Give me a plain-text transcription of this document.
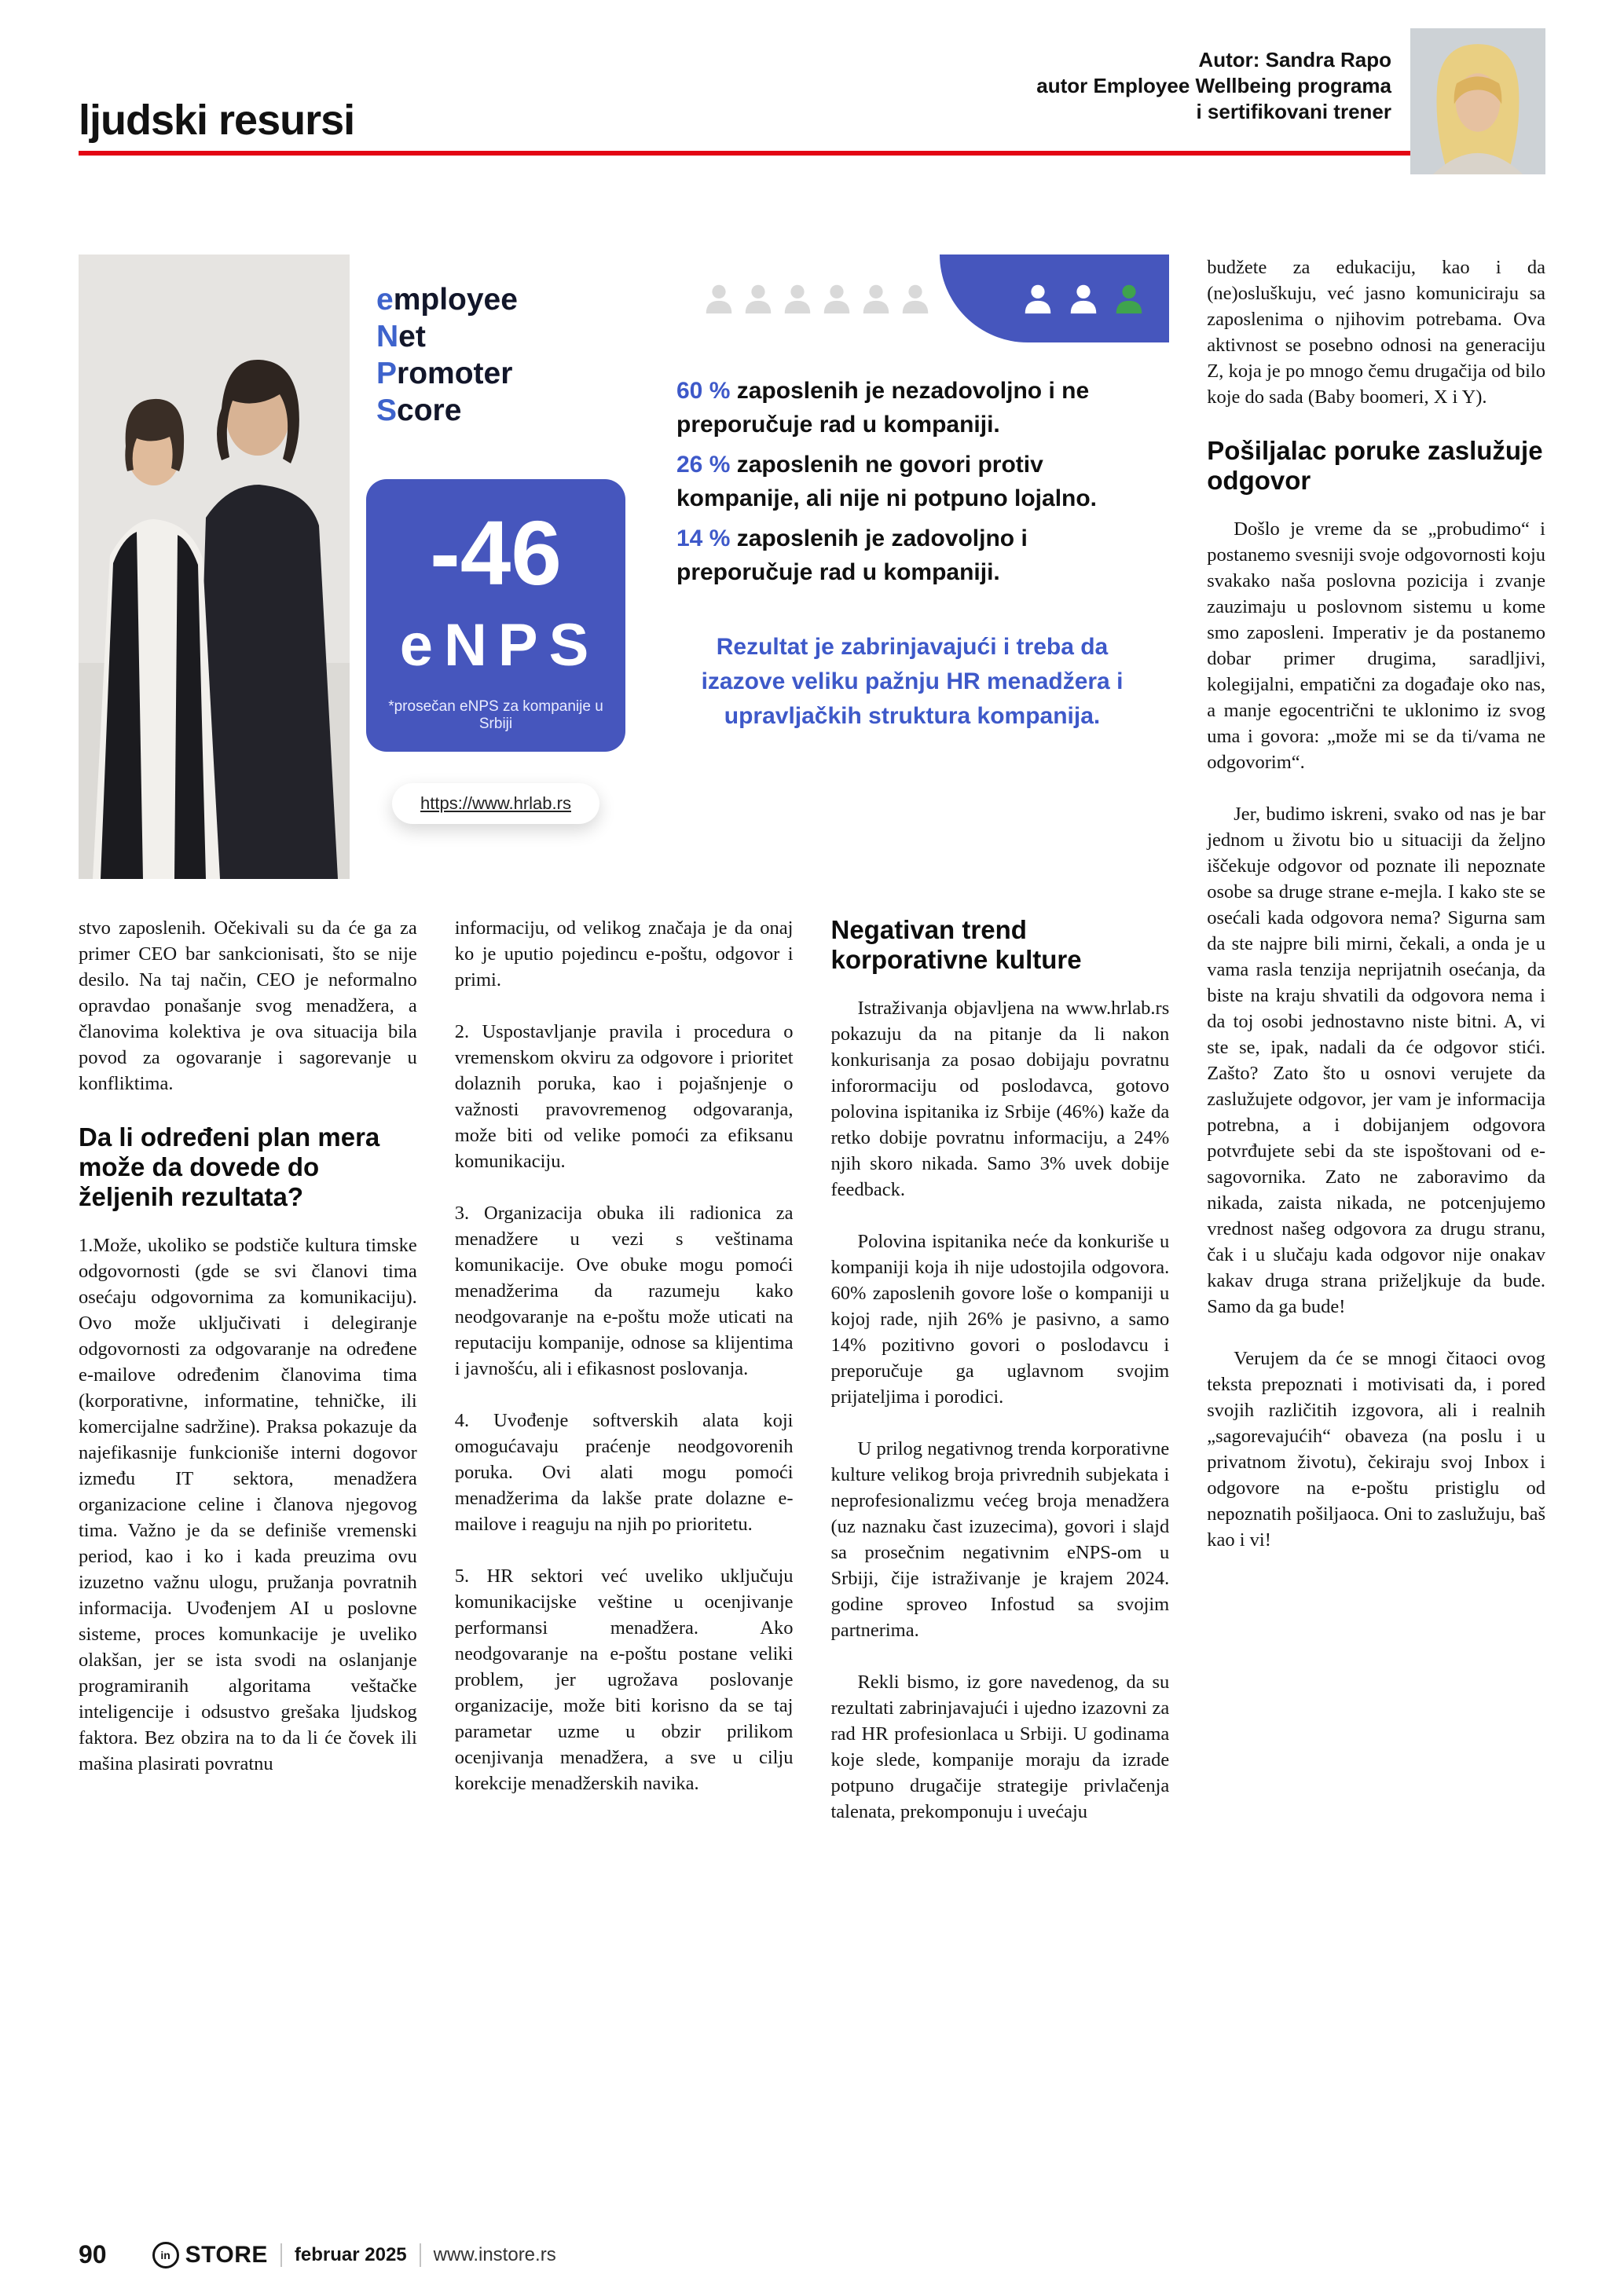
ljudski resursi
Autor: Sandra Rapo
autor Employee Wellbeing programa
i sertifikovani trener
employee
Net
Promoter
Score
-46
eNPS
*prosečan eNPS za kompanije u Srbiji
https://www.hrlab.rs
60 % zaposlenih je nezadovoljno i ne preporučuje rad u kompaniji.
26 % zaposlenih ne govori protiv kompanije, ali nije ni potpuno lojalno.
14 % zaposlenih je zadovoljno i preporučuje rad u kompaniji.
Rezultat je zabrinjavajući i treba da izazove veliku pažnju HR menadžera i upravljačkih struktura kompanija.

stvo zaposlenih. Očekivali su da će ga za primer CEO bar sankcionisati, što se nije desilo. Na taj način, CEO je neformalno opravdao ponašanje svog menadžera, a članovima kolektiva je ova situacija bila povod za ogovaranje i sagorevanje u konfliktima.

Da li određeni plan mera može da dovede do željenih rezultata?

1.Može, ukoliko se podstiče kultura timske odgovornosti (gde se svi članovi tima osećaju odgovornima za komunikaciju). Ovo može uključivati i delegiranje odgovornosti za odgovaranje na određene e-mailove određenim članovima tima (korporativne, informatine, tehničke, ili komercijalne sadržine). Praksa pokazuje da najefikasnije funkcioniše interni dogovor između IT sektora, menadžera organizacione celine i članova njegovog tima. Važno je da se definiše vremenski period, kao i ko i kada preuzima ovu izuzetno važnu ulogu, pružanja povratnih informacija. Uvođenjem AI u poslovne sisteme, proces komunkacije je uveliko olakšan, jer se ista svodi na oslanjanje programiranih algoritama veštačke inteligencije i odsustvo grešaka ljudskog faktora. Bez obzira na to da li će čovek ili mašina plasirati povratnu

informaciju, od velikog značaja je da onaj ko je uputio pojedincu e-poštu, odgovor i primi.

2. Uspostavljanje pravila i procedura o vremenskom okviru za odgovore i prioritet dolaznih poruka, kao i pojašnjenje o važnosti pravovremenog odgovaranja, može biti od velike pomoći za efiksanu komunikaciju.

3. Organizacija obuka ili radionica za menadžere u vezi s veštinama komunikacije. Ove obuke mogu pomoći menadžerima da razumeju kako neodgovaranje na e-poštu može uticati na reputaciju kompanije, odnose sa klijentima i javnošću, ali i efikasnost poslovanja.

4. Uvođenje softverskih alata koji omogućavaju praćenje neodgovorenih poruka. Ovi alati mogu pomoći menadžerima da lakše prate dolazne e-mailove i reaguju na njih po prioritetu.

5. HR sektori već uveliko uključuju komunikacijske veštine u ocenjivanje performansi menadžera. Ako neodgovaranje na e-poštu postane veliki problem, jer ugrožava poslovanje organizacije, može biti korisno da se taj parametar uzme u obzir prilikom ocenjivanja menadžera, a sve u cilju korekcije menadžerskih navika.

Negativan trend korporativne kulture

Istraživanja objavljena na www.hrlab.rs pokazuju da na pitanje da li nakon konkurisanja za posao dobijaju povratnu inforormaciju od poslodavca, gotovo polovina ispitanika iz Srbije (46%) kaže da retko dobije povratnu informaciju, a 24% njih skoro nikada. Samo 3% uvek dobije feedback.

Polovina ispitanika neće da konkuriše u kompaniji koja ih nije udostojila odgovora. 60% zaposlenih govore loše o kompaniji u kojoj rade, njih 26% je pasivno, a samo 14% pozitivno govori o poslodavcu i preporučuje ga uglavnom svojim prijateljima i porodici.

U prilog negativnog trenda korporativne kulture velikog broja privrednih subjekata i neprofesionalizmu većeg broja menadžera (uz naznaku čast izuzecima), govori i slajd sa prosečnim negativnim eNPS-om u Srbiji, čije istraživanje je krajem 2024. godine sproveo Infostud sa svojim partnerima.

Rekli bismo, iz gore navedenog, da su rezultati zabrinjavajući i ujedno izazovni za rad HR profesionlaca u Srbiji. U godinama koje slede, kompanije moraju da izrade potpuno drugačije strategije privlačenja talenata, prekomponuju i uvećaju

budžete za edukaciju, kao i da (ne)osluškuju, već jasno komuniciraju sa zaposlenima o njihovim potrebama. Ova aktivnost se posebno odnosi na generaciju Z, koja je po mnogo čemu drugačija od bilo koje do sada (Baby boomeri, X i Y).

Pošiljalac poruke zaslužuje odgovor

Došlo je vreme da se „probudimo“ i postanemo svesniji svoje odgovornosti koju svakako naša poslovna pozicija i zvanje zauzimaju u poslovnom sistemu u kome smo zaposleni. Imperativ je da postanemo dobar primer drugima, saradljivi, kolegijalni, empatični za događaje oko nas, a manje egocentrični te uklonimo iz svog uma i govora: „može mi se da ti/vama ne odgovorim“.

Jer, budimo iskreni, svako od nas je bar jednom u životu bio u situaciji da željno iščekuje odgovor od poznate ili nepoznate osobe sa druge strane e-mejla. I kako ste se osećali kada odgovora nema? Sigurna sam da ste najpre bili mirni, čekali, a onda je u vama rasla tenzija neprijatnih osećanja, da biste na kraju shvatili da odgovora nema i da toj osobi jednostavno niste bitni. A, vi ste se, ipak, nadali da će odgovor stići. Zašto? Zato što u osnovi verujete da zaslužujete odgovor, jer vam je informacija potrebna, a i dobijanjem odgovora potvrđujete sebi da ste ispoštovani od e-sagovornika. Zato ne zaboravimo da nikada, zaista nikada, ne potcenjujemo vrednost našeg odgovora za drugu stranu, čak i u slučaju kada odgovor nije onakav kakav druga strana priželjkuje da bude. Samo da ga bude!

Verujem da će se mnogi čitaoci ovog teksta prepoznati i motivisati da, i pored svojih različitih izgovora, ali i realnih „sagorevajućih“ obaveza (na poslu i u privatnom životu), čekiraju svoj Inbox i odgovore na e-poštu pristiglu od nepoznatih pošiljaoca. Oni to zaslužuju, baš kao i vi!

90	in STORE februar 2025 www.instore.rs
